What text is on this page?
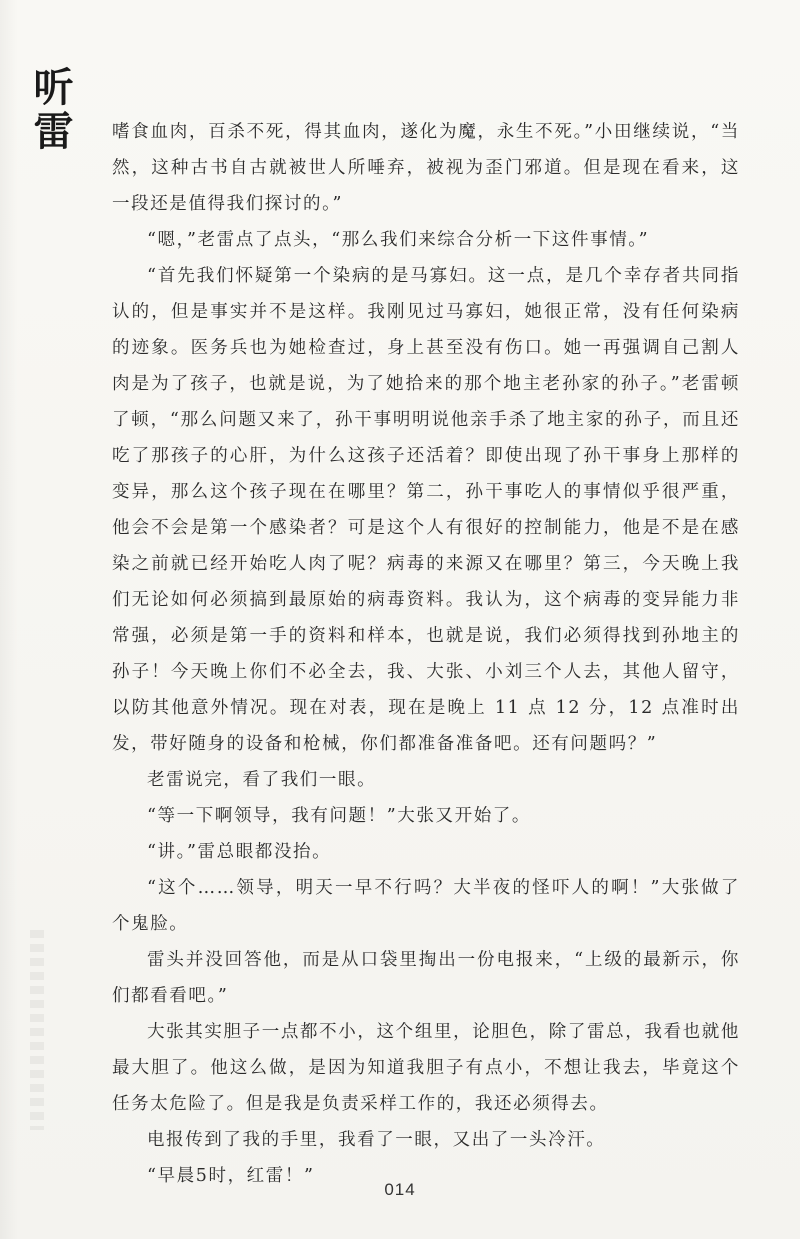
听雷 嗜食血肉，百杀不死，得其血肉，遂化为魔，永生不死。”小田继续说，“当然，这种古书自古就被世人所唾弃，被视为歪门邪道。但是现在看来，这一段还是值得我们探讨的。”

“嗯，”老雷点了点头，“那么我们来综合分析一下这件事情。”

“首先我们怀疑第一个染病的是马寡妇。这一点，是几个幸存者共同指认的，但是事实并不是这样。我刚见过马寡妇，她很正常，没有任何染病的迹象。医务兵也为她检查过，身上甚至没有伤口。她一再强调自己割人肉是为了孩子，也就是说，为了她拾来的那个地主老孙家的孙子。”老雷顿了顿，“那么问题又来了，孙干事明明说他亲手杀了地主家的孙子，而且还吃了那孩子的心肝，为什么这孩子还活着？即使出现了孙干事身上那样的变异，那么这个孩子现在在哪里？第二，孙干事吃人的事情似乎很严重，他会不会是第一个感染者？可是这个人有很好的控制能力，他是不是在感染之前就已经开始吃人肉了呢？病毒的来源又在哪里？第三，今天晚上我们无论如何必须搞到最原始的病毒资料。我认为，这个病毒的变异能力非常强，必须是第一手的资料和样本，也就是说，我们必须得找到孙地主的孙子！今天晚上你们不必全去，我、大张、小刘三个人去，其他人留守，以防其他意外情况。现在对表，现在是晚上 11 点 12 分，12 点准时出发，带好随身的设备和枪械，你们都准备准备吧。还有问题吗？”

老雷说完，看了我们一眼。

“等一下啊领导，我有问题！”大张又开始了。

“讲。”雷总眼都没抬。

“这个……领导，明天一早不行吗？大半夜的怪吓人的啊！”大张做了个鬼脸。

雷头并没回答他，而是从口袋里掏出一份电报来，“上级的最新示，你们都看看吧。”

大张其实胆子一点都不小，这个组里，论胆色，除了雷总，我看也就他最大胆了。他这么做，是因为知道我胆子有点小，不想让我去，毕竟这个任务太危险了。但是我是负责采样工作的，我还必须得去。

电报传到了我的手里，我看了一眼，又出了一头冷汗。

“早晨5时，红雷！”

014
